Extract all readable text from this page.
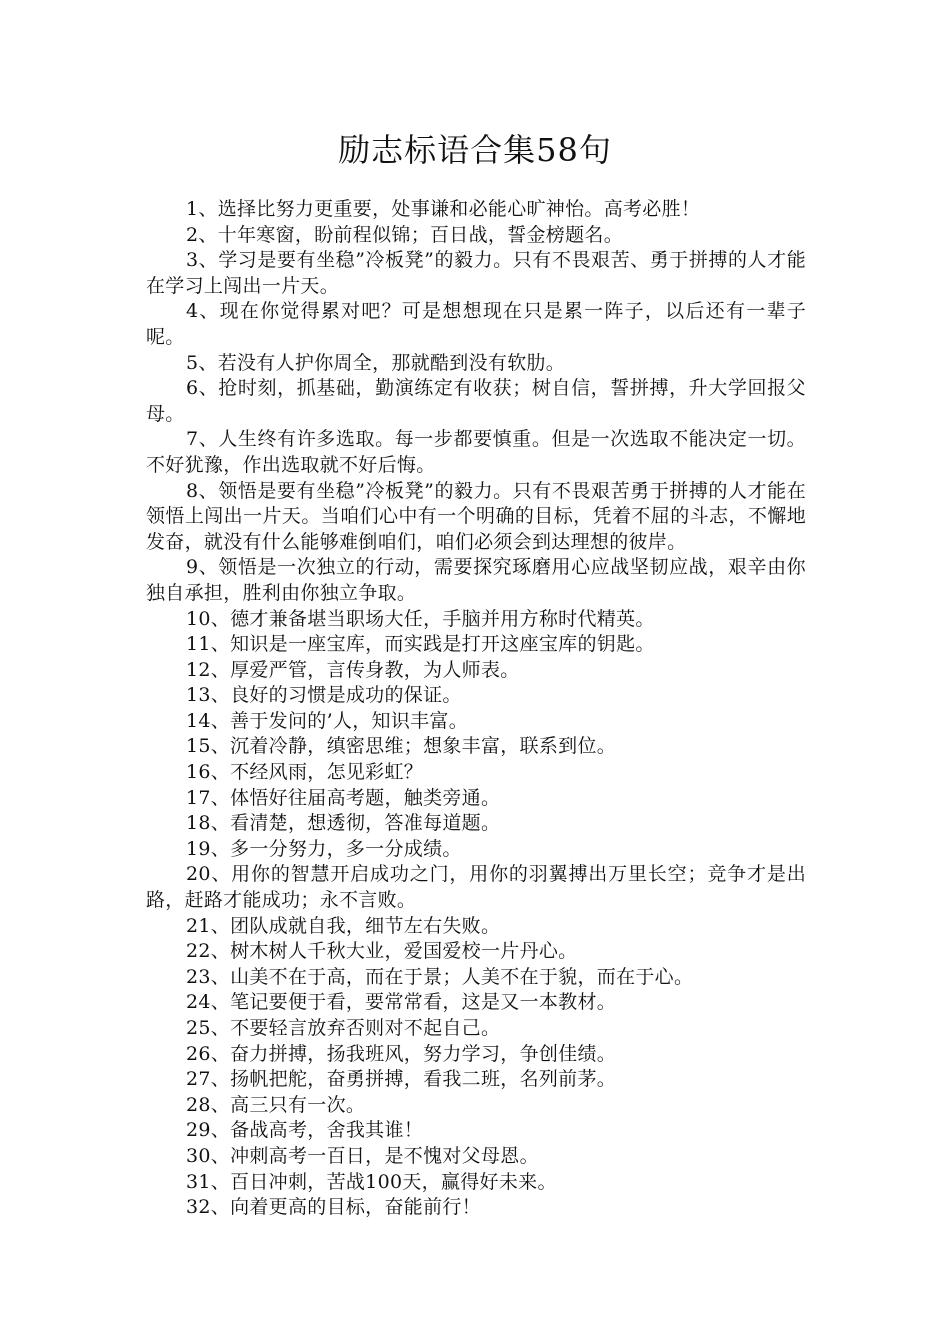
励志标语合集58句

1、选择比努力更重要，处事谦和必能心旷神怡。高考必胜！

2、十年寒窗，盼前程似锦；百日战，誓金榜题名。

3、学习是要有坐稳”冷板凳”的毅力。只有不畏艰苦、勇于拼搏的人才能在学习上闯出一片天。

4、现在你觉得累对吧？可是想想现在只是累一阵子，以后还有一辈子呢。

5、若没有人护你周全，那就酷到没有软肋。

6、抢时刻，抓基础，勤演练定有收获；树自信，誓拼搏，升大学回报父母。

7、人生终有许多选取。每一步都要慎重。但是一次选取不能决定一切。不好犹豫，作出选取就不好后悔。

8、领悟是要有坐稳”冷板凳”的毅力。只有不畏艰苦勇于拼搏的人才能在领悟上闯出一片天。当咱们心中有一个明确的目标，凭着不屈的斗志，不懈地发奋，就没有什么能够难倒咱们，咱们必须会到达理想的彼岸。

9、领悟是一次独立的行动，需要探究琢磨用心应战坚韧应战，艰辛由你独自承担，胜利由你独立争取。

10、德才兼备堪当职场大任，手脑并用方称时代精英。

11、知识是一座宝库，而实践是打开这座宝库的钥匙。

12、厚爱严管，言传身教，为人师表。

13、良好的习惯是成功的保证。

14、善于发问的’人，知识丰富。

15、沉着冷静，缜密思维；想象丰富，联系到位。

16、不经风雨，怎见彩虹？

17、体悟好往届高考题，触类旁通。

18、看清楚，想透彻，答准每道题。

19、多一分努力，多一分成绩。

20、用你的智慧开启成功之门，用你的羽翼搏出万里长空；竞争才是出路，赶路才能成功；永不言败。

21、团队成就自我，细节左右失败。

22、树木树人千秋大业，爱国爱校一片丹心。

23、山美不在于高，而在于景；人美不在于貌，而在于心。

24、笔记要便于看，要常常看，这是又一本教材。

25、不要轻言放弃否则对不起自己。

26、奋力拼搏，扬我班风，努力学习，争创佳绩。

27、扬帆把舵，奋勇拼搏，看我二班，名列前茅。

28、高三只有一次。

29、备战高考，舍我其谁！

30、冲刺高考一百日，是不愧对父母恩。

31、百日冲刺，苦战100天，赢得好未来。

32、向着更高的目标，奋能前行！
